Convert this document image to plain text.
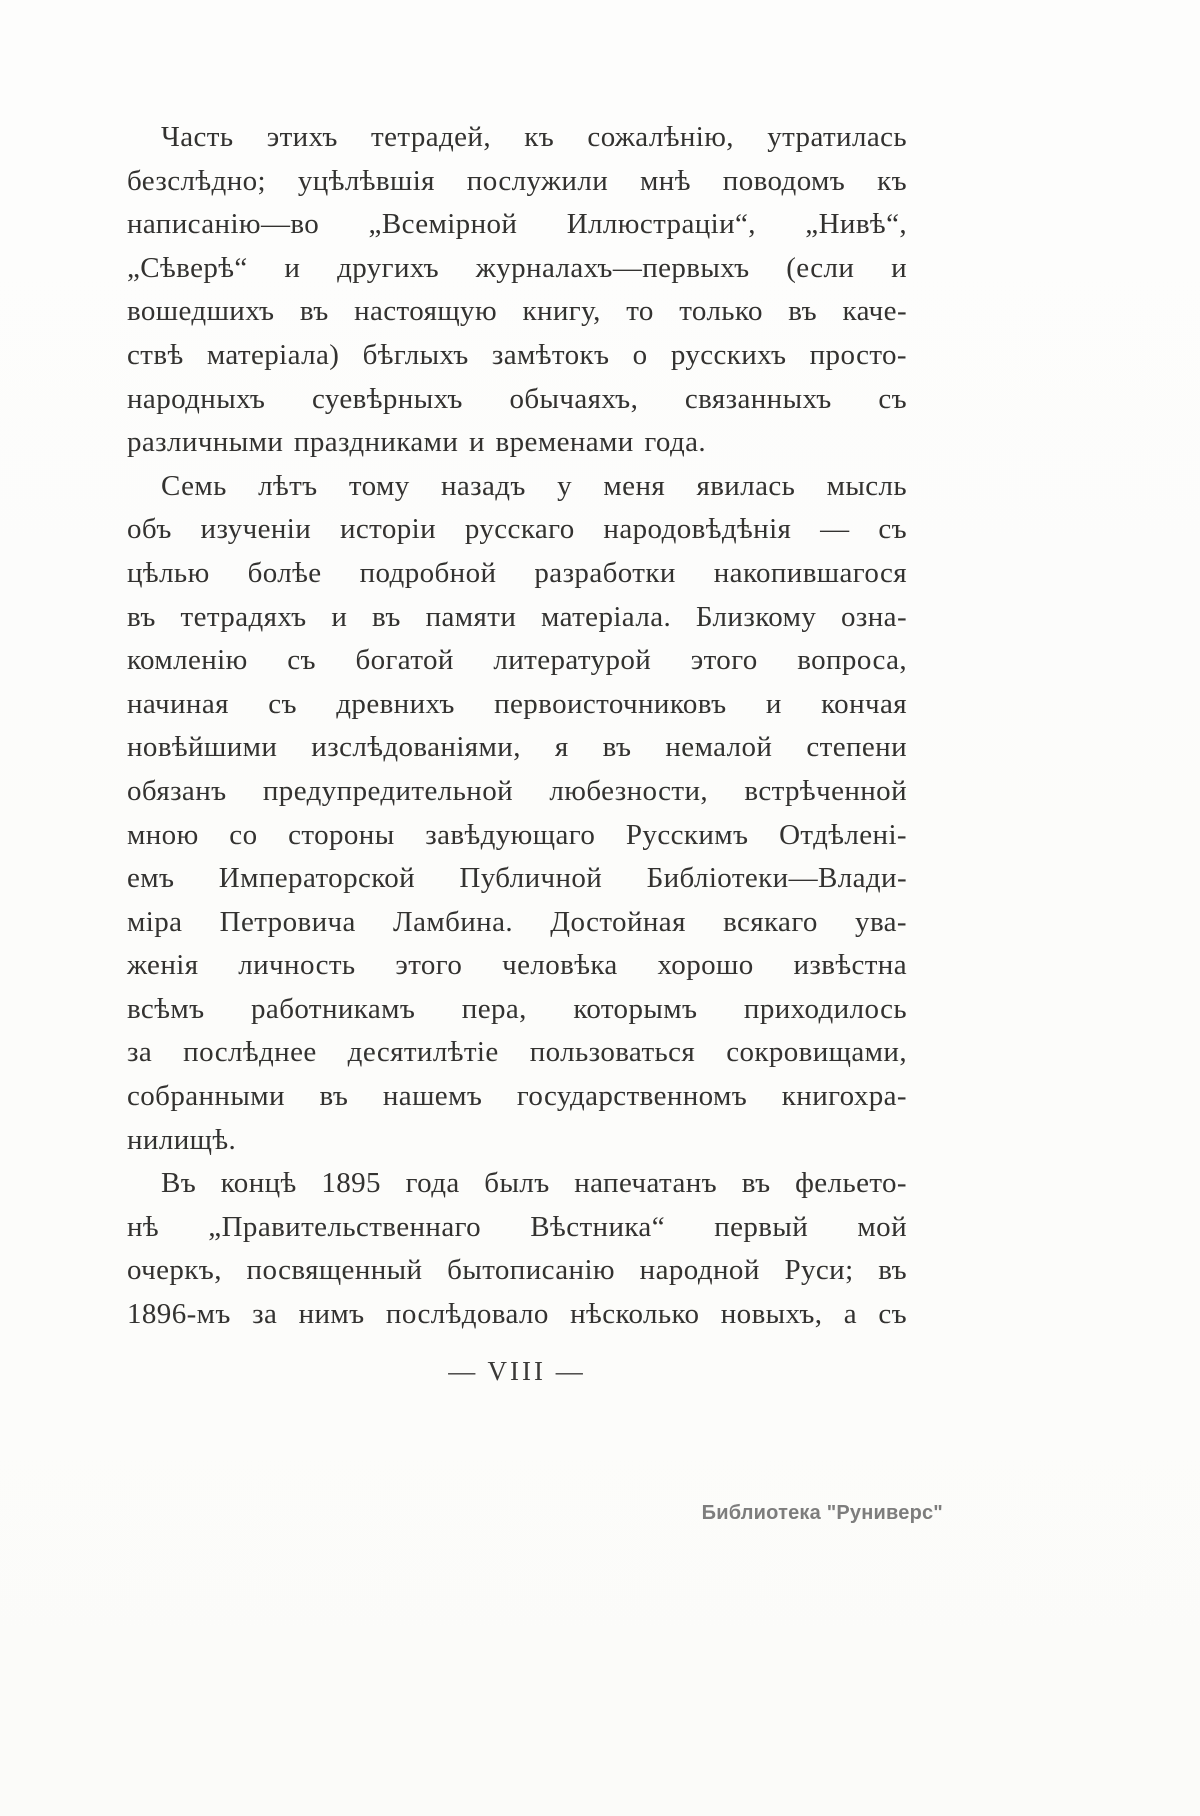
Часть этихъ тетрадей, къ сожалѣнію, утратилась
безслѣдно; уцѣлѣвшія послужили мнѣ поводомъ къ
написанію—во „Всемірной Иллюстраціи“, „Нивѣ“,
„Сѣверѣ“ и другихъ журналахъ—первыхъ (если и
вошедшихъ въ настоящую книгу, то только въ каче-
ствѣ матеріала) бѣглыхъ замѣтокъ о русскихъ просто-
народныхъ суевѣрныхъ обычаяхъ, связанныхъ съ
различными праздниками и временами года.
Семь лѣтъ тому назадъ у меня явилась мысль
объ изученіи исторіи русскаго народовѣдѣнія — съ
цѣлью болѣе подробной разработки накопившагося
въ тетрадяхъ и въ памяти матеріала. Близкому озна-
комленію съ богатой литературой этого вопроса,
начиная съ древнихъ первоисточниковъ и кончая
новѣйшими изслѣдованіями, я въ немалой степени
обязанъ предупредительной любезности, встрѣченной
мною со стороны завѣдующаго Русскимъ Отдѣлені-
емъ Императорской Публичной Библіотеки—Влади-
міра Петровича Ламбина. Достойная всякаго ува-
женія личность этого человѣка хорошо извѣстна
всѣмъ работникамъ пера, которымъ приходилось
за послѣднее десятилѣтіе пользоваться сокровищами,
собранными въ нашемъ государственномъ книгохра-
нилищѣ.
Въ концѣ 1895 года былъ напечатанъ въ фельето-
нѣ „Правительственнаго Вѣстника“ первый мой
очеркъ, посвященный бытописанію народной Руси; въ
1896-мъ за нимъ послѣдовало нѣсколько новыхъ, а съ
— VIII —
Библиотека "Руниверс"
